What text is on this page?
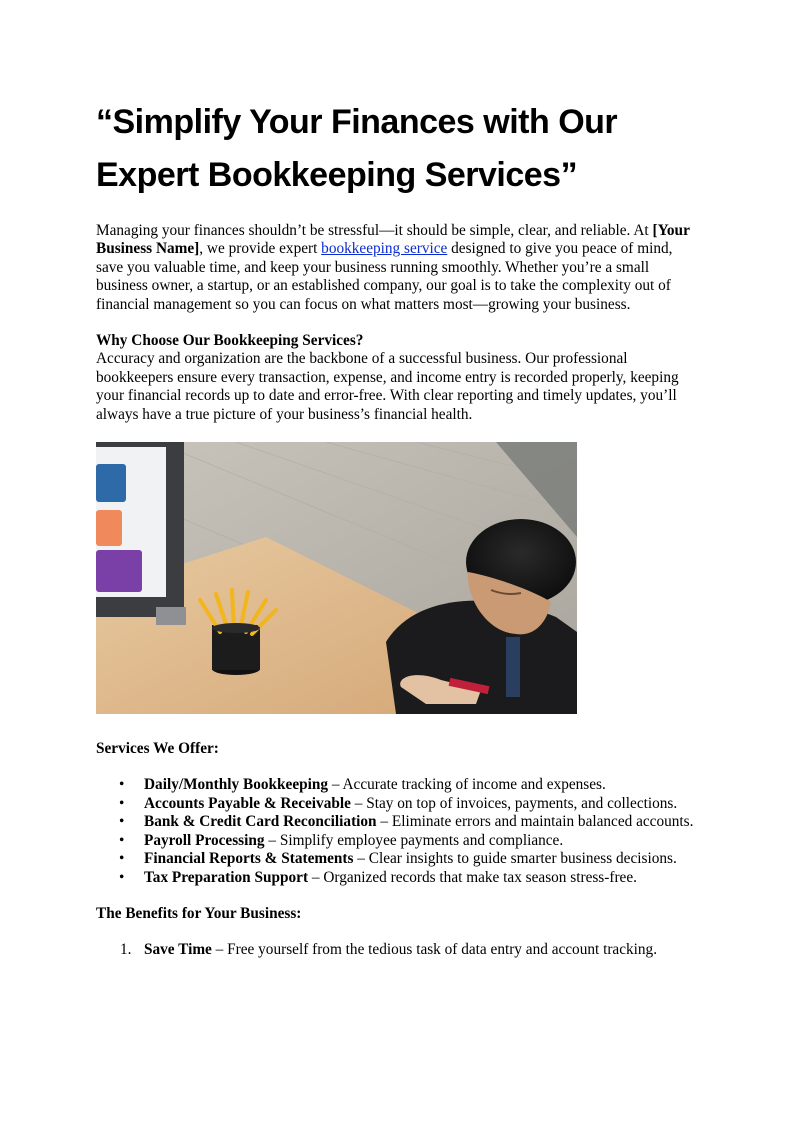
“Simplify Your Finances with Our
Expert Bookkeeping Services”

Managing your finances shouldn’t be stressful—it should be simple, clear, and reliable. At [Your Business Name], we provide expert bookkeeping service designed to give you peace of mind, save you valuable time, and keep your business running smoothly. Whether you’re a small business owner, a startup, or an established company, our goal is to take the complexity out of financial management so you can focus on what matters most—growing your business.

Why Choose Our Bookkeeping Services?

Accuracy and organization are the backbone of a successful business. Our professional bookkeepers ensure every transaction, expense, and income entry is recorded properly, keeping your financial records up to date and error-free. With clear reporting and timely updates, you’ll always have a true picture of your business’s financial health.

Services We Offer:

• Daily/Monthly Bookkeeping – Accurate tracking of income and expenses.
• Accounts Payable & Receivable – Stay on top of invoices, payments, and collections.
• Bank & Credit Card Reconciliation – Eliminate errors and maintain balanced accounts.
• Payroll Processing – Simplify employee payments and compliance.
• Financial Reports & Statements – Clear insights to guide smarter business decisions.
• Tax Preparation Support – Organized records that make tax season stress-free.

The Benefits for Your Business:

1. Save Time – Free yourself from the tedious task of data entry and account tracking.
